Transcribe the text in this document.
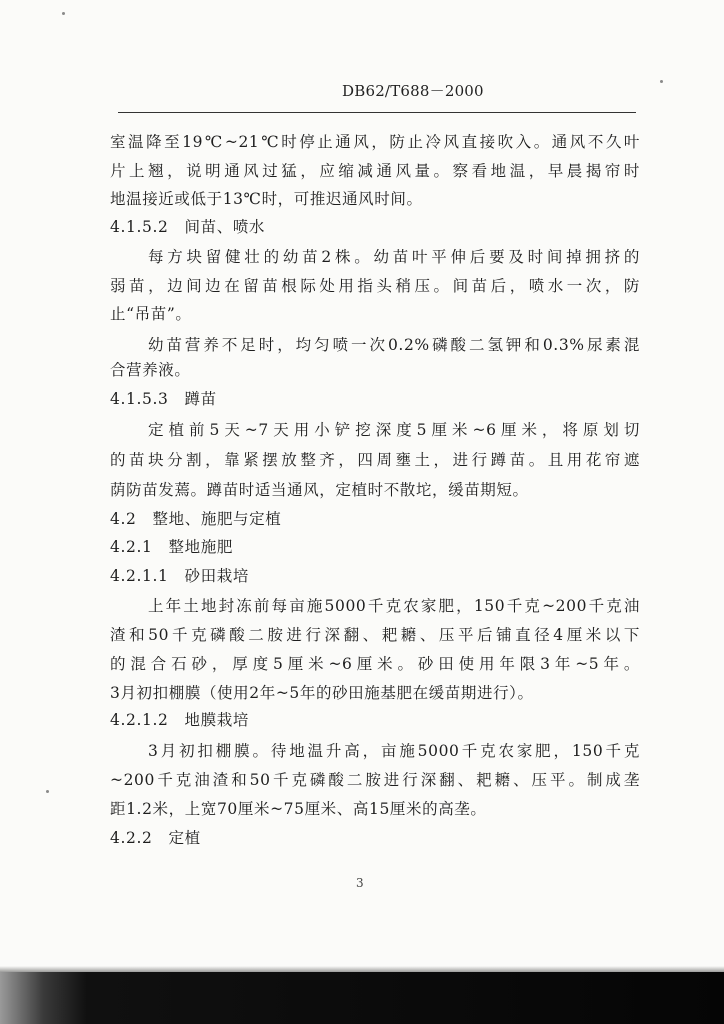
DB62/T688－2000
室温降至19℃~21℃时停止通风，防止冷风直接吹入。通风不久叶
片上翘，说明通风过猛，应缩减通风量。察看地温，早晨揭帘时
地温接近或低于13℃时，可推迟通风时间。
4.1.5.2　间苗、喷水
每方块留健壮的幼苗2株。幼苗叶平伸后要及时间掉拥挤的
弱苗，边间边在留苗根际处用指头稍压。间苗后，喷水一次，防
止“吊苗”。
幼苗营养不足时，均匀喷一次0.2%磷酸二氢钾和0.3%尿素混
合营养液。
4.1.5.3　蹲苗
定植前5天~7天用小铲挖深度5厘米~6厘米，将原划切
的苗块分割，靠紧摆放整齐，四周壅土，进行蹲苗。且用花帘遮
荫防苗发蔫。蹲苗时适当通风，定植时不散坨，缓苗期短。
4.2　整地、施肥与定植
4.2.1　整地施肥
4.2.1.1　砂田栽培
上年土地封冻前每亩施5000千克农家肥，150千克~200千克油
渣和50千克磷酸二胺进行深翻、耙耱、压平后铺直径4厘米以下
的混合石砂，厚度5厘米~6厘米。砂田使用年限3年~5年。
3月初扣棚膜（使用2年~5年的砂田施基肥在缓苗期进行）。
4.2.1.2　地膜栽培
3月初扣棚膜。待地温升高，亩施5000千克农家肥，150千克
~200千克油渣和50千克磷酸二胺进行深翻、耙耱、压平。制成垄
距1.2米，上宽70厘米~75厘米、高15厘米的高垄。
4.2.2　定植
3
